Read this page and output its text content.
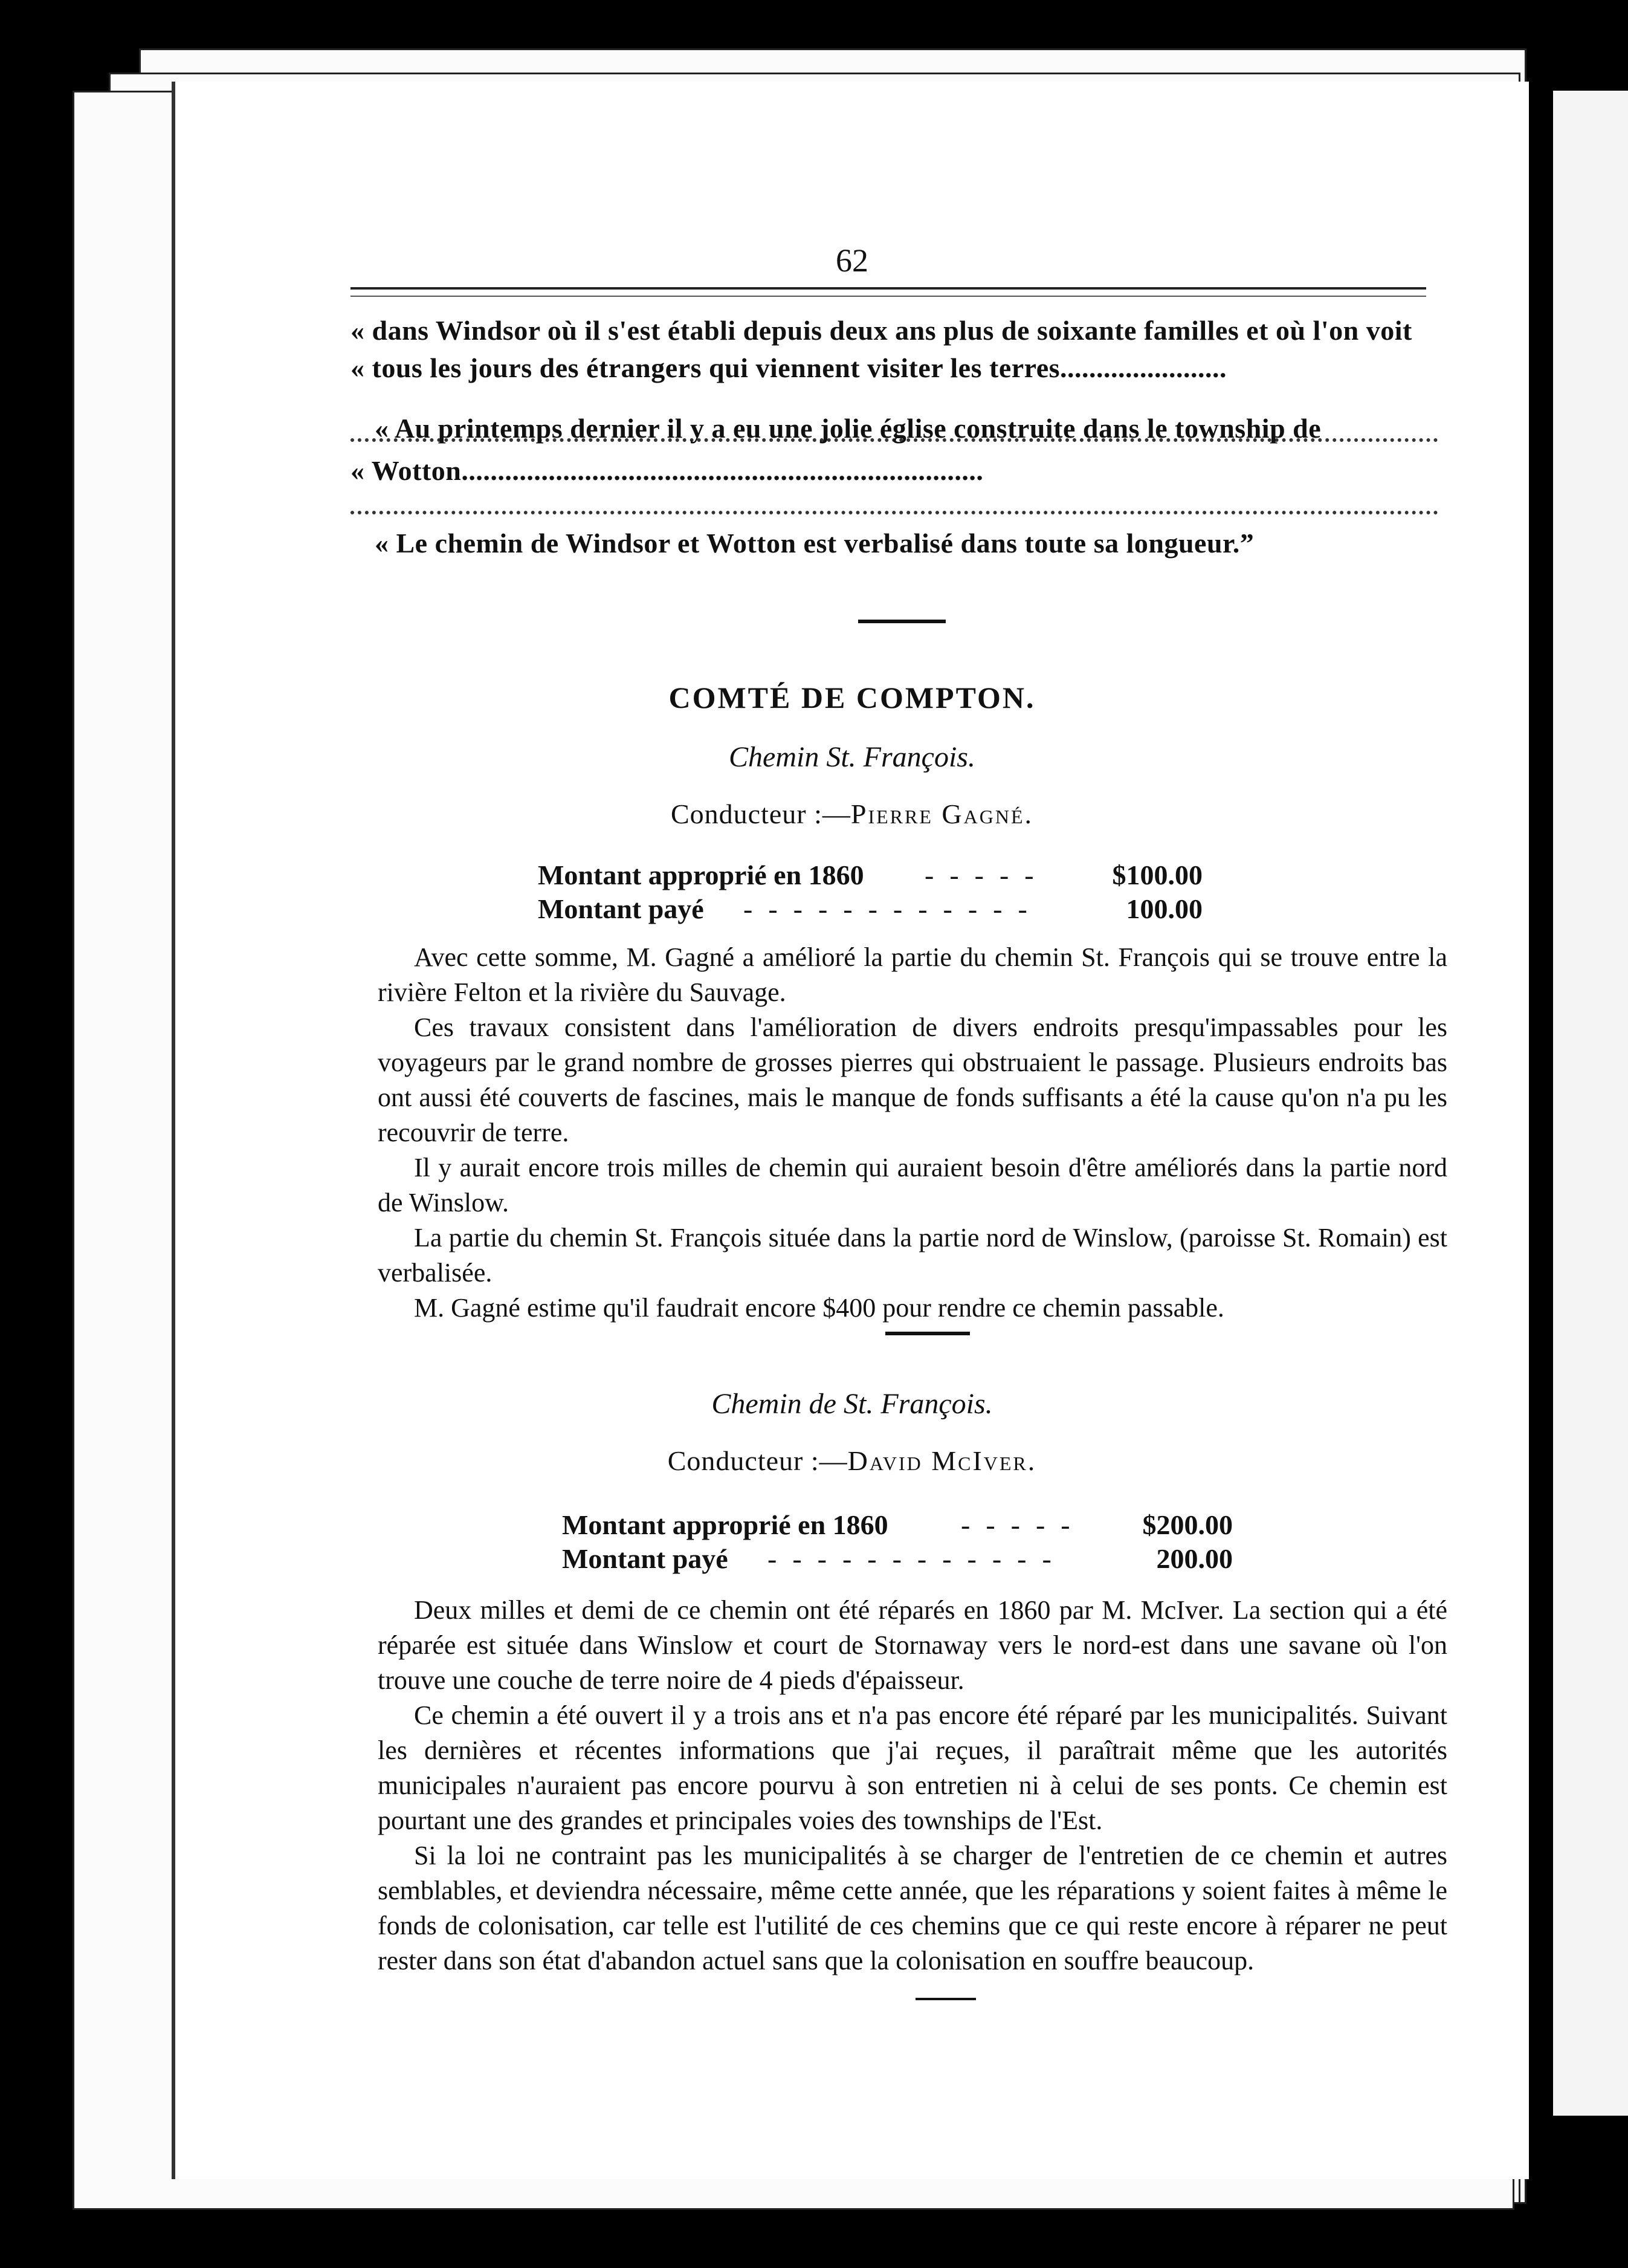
62
« dans Windsor où il s'est établi depuis deux ans plus de soixante familles et où l'on voit
« tous les jours des étrangers qui viennent visiter les terres.......................
« Au printemps dernier il y a eu une jolie église construite dans le township de
« Wotton........................................................................
« Le chemin de Windsor et Wotton est verbalisé dans toute sa longueur.”
COMTÉ DE COMPTON.
Chemin St. François.
Conducteur :—Pierre Gagné.
Montant approprié en 1860 ----- $100.00
Montant payé ------------	100.00

Avec cette somme, M. Gagné a amélioré la partie du chemin St. François qui se trouve entre la rivière Felton et la rivière du Sauvage.

Ces travaux consistent dans l'amélioration de divers endroits presqu'impassables pour les voyageurs par le grand nombre de grosses pierres qui obstruaient le passage. Plusieurs endroits bas ont aussi été couverts de fascines, mais le manque de fonds suffisants a été la cause qu'on n'a pu les recouvrir de terre.

Il y aurait encore trois milles de chemin qui auraient besoin d'être améliorés dans la partie nord de Winslow.

La partie du chemin St. François située dans la partie nord de Winslow, (paroisse St. Romain) est verbalisée.

M. Gagné estime qu'il faudrait encore $400 pour rendre ce chemin passable.

Chemin de St. François.
Conducteur :—David McIver.
Montant approprié en 1860	----- $200.00
Montant payé ------------	200.00

Deux milles et demi de ce chemin ont été réparés en 1860 par M. McIver. La section qui a été réparée est située dans Winslow et court de Stornaway vers le nord-est dans une savane où l'on trouve une couche de terre noire de 4 pieds d'épaisseur.

Ce chemin a été ouvert il y a trois ans et n'a pas encore été réparé par les municipalités. Suivant les dernières et récentes informations que j'ai reçues, il paraîtrait même que les autorités municipales n'auraient pas encore pourvu à son entretien ni à celui de ses ponts. Ce chemin est pourtant une des grandes et principales voies des townships de l'Est.

Si la loi ne contraint pas les municipalités à se charger de l'entretien de ce chemin et autres semblables, et deviendra nécessaire, même cette année, que les réparations y soient faites à même le fonds de colonisation, car telle est l'utilité de ces chemins que ce qui reste encore à réparer ne peut rester dans son état d'abandon actuel sans que la colonisation en souffre beaucoup.
